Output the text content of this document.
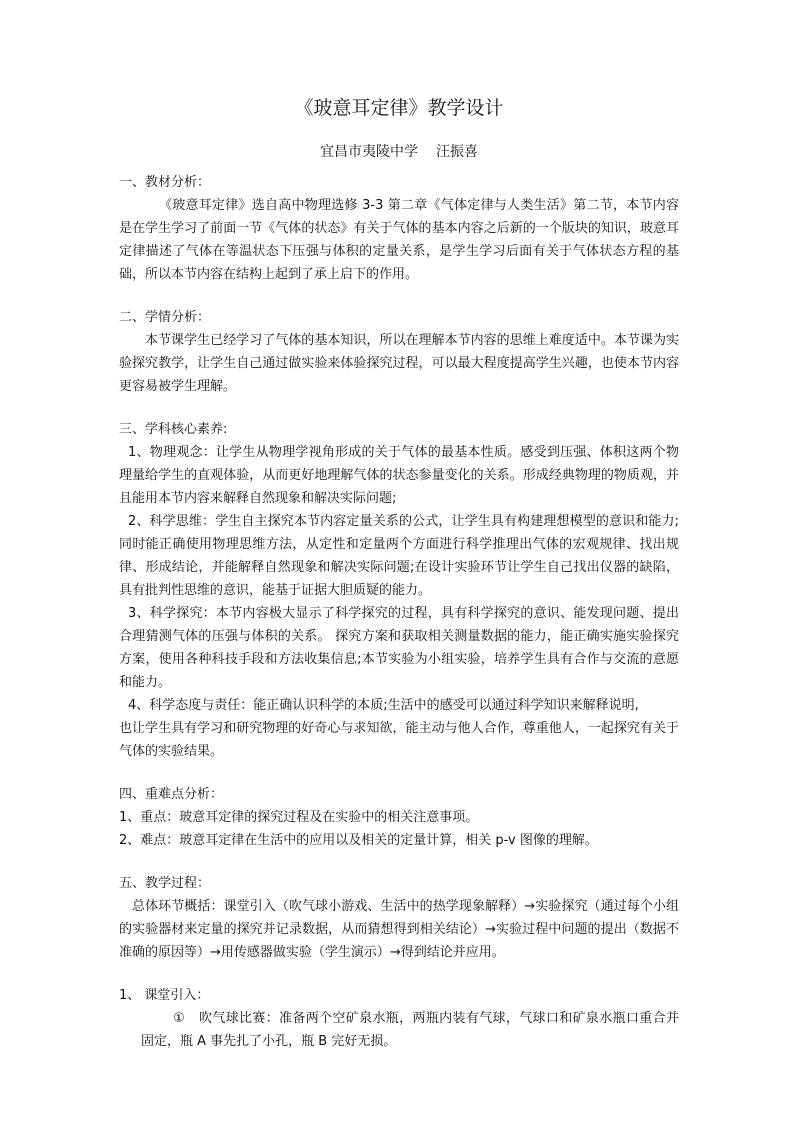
《玻意耳定律》教学设计
宜昌市夷陵中学 汪振喜

一、教材分析：

《玻意耳定律》选自高中物理选修 3-3 第二章《气体定律与人类生活》第二节，本节内容是在学生学习了前面一节《气体的状态》有关于气体的基本内容之后新的一个版块的知识，玻意耳定律描述了气体在等温状态下压强与体积的定量关系，是学生学习后面有关于气体状态方程的基础，所以本节内容在结构上起到了承上启下的作用。

二、学情分析：

本节课学生已经学习了气体的基本知识，所以在理解本节内容的思维上难度适中。本节课为实验探究教学，让学生自己通过做实验来体验探究过程，可以最大程度提高学生兴趣，也使本节内容更容易被学生理解。

三、学科核心素养:

1、物理观念：让学生从物理学视角形成的关于气体的最基本性质。感受到压强、体积这两个物理量给学生的直观体验，从而更好地理解气体的状态参量变化的关系。形成经典物理的物质观，并且能用本节内容来解释自然现象和解决实际问题;

2、科学思维：学生自主探究本节内容定量关系的公式，让学生具有构建理想模型的意识和能力;同时能正确使用物理思维方法，从定性和定量两个方面进行科学推理出气体的宏观规律、找出规律、形成结论，并能解释自然现象和解决实际问题;在设计实验环节让学生自己找出仪器的缺陷，具有批判性思维的意识，能基于证据大胆质疑的能力。

3、科学探究：本节内容极大显示了科学探究的过程，具有科学探究的意识、能发现问题、提出合理猜测气体的压强与体积的关系。 探究方案和获取相关测量数据的能力，能正确实施实验探究方案，使用各种科技手段和方法收集信息;本节实验为小组实验，培养学生具有合作与交流的意愿和能力。

4、科学态度与责任：能正确认识科学的本质;生活中的感受可以通过科学知识来解释说明,

也让学生具有学习和研究物理的好奇心与求知欲，能主动与他人合作，尊重他人，一起探究有关于气体的实验结果。

四、重难点分析：

1、重点：玻意耳定律的探究过程及在实验中的相关注意事项。

2、难点：玻意耳定律在生活中的应用以及相关的定量计算，相关 p-v 图像的理解。

五、教学过程：

总体环节概括：课堂引入（吹气球小游戏、生活中的热学现象解释）→实验探究（通过每个小组的实验器材来定量的探究并记录数据，从而猜想得到相关结论）→实验过程中问题的提出（数据不准确的原因等）→用传感器做实验（学生演示）→得到结论并应用。

1、 课堂引入：

① 吹气球比赛：准备两个空矿泉水瓶，两瓶内装有气球，气球口和矿泉水瓶口重合并固定，瓶 A 事先扎了小孔，瓶 B 完好无损。
